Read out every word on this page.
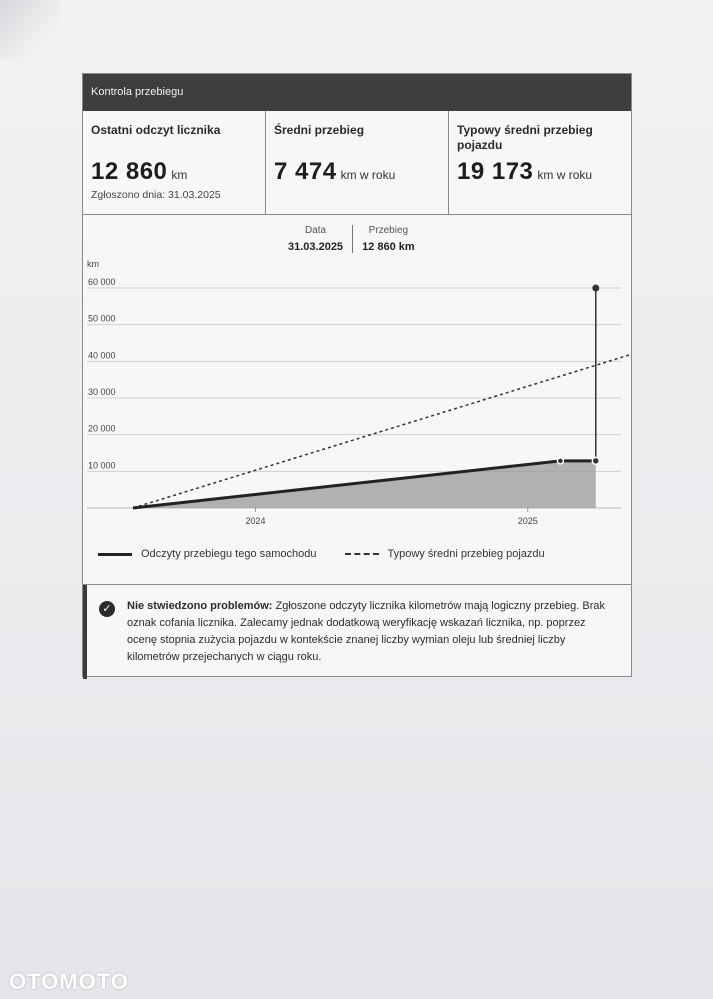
Kontrola przebiegu
Ostatni odczyt licznika
12 860 km
Zgłoszono dnia: 31.03.2025
Średni przebieg
7 474 km w roku
Typowy średni przebieg pojazdu
19 173 km w roku
km
60 000
50 000
40 000
30 000
20 000
10 000
2024	2025
Data
31.03.2025
Przebieg
12 860 km
Odczyty przebiegu tego samochodu	Typowy średni przebieg pojazdu
✓	Nie stwiedzono problemów: Zgłoszone odczyty licznika kilometrów mają logiczny przebieg. Brak oznak cofania licznika. Zalecamy jednak dodatkową weryfikację wskazań licznika, np. poprzez ocenę stopnia zużycia pojazdu w kontekście znanej liczby wymian oleju lub średniej liczby kilometrów przejechanych w ciągu roku.
OTOMOTO
